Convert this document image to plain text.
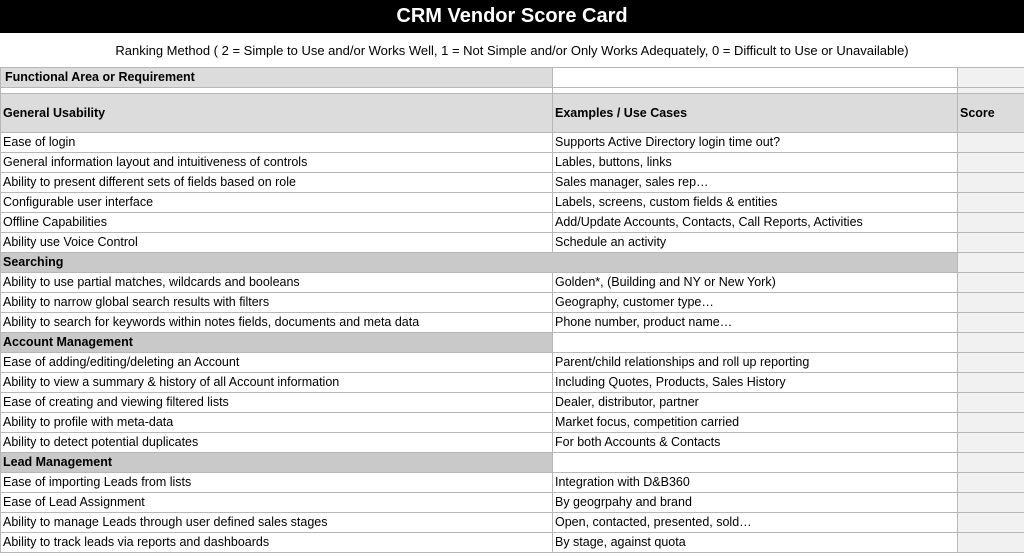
CRM Vendor Score Card
Ranking Method ( 2 = Simple to Use and/or Works Well, 1 = Not Simple and/or Only Works Adequately, 0 = Difficult to Use or Unavailable)
Functional Area or Requirement		

General Usability	Examples / Use Cases	Score
Ease of login	Supports Active Directory login time out?	
General information layout and intuitiveness of controls	Lables, buttons, links	
Ability to present different sets of fields based on role	Sales manager, sales rep…	
Configurable user interface	Labels, screens, custom fields & entities	
Offline Capabilities	Add/Update Accounts, Contacts, Call Reports, Activities	
Ability use Voice Control	Schedule an activity	
Searching		
Ability to use partial matches, wildcards and booleans	Golden*, (Building and NY or New York)	
Ability to narrow global search results with filters	Geography, customer type…	
Ability to search for keywords within notes fields, documents and meta data	Phone number, product name…	
Account Management		
Ease of adding/editing/deleting an Account	Parent/child relationships and roll up reporting	
Ability to view a summary & history of all Account information	Including Quotes, Products, Sales History	
Ease of creating and viewing filtered lists	Dealer, distributor, partner	
Ability to profile with meta-data	Market focus, competition carried	
Ability to detect potential duplicates	For both Accounts & Contacts	
Lead Management		
Ease of importing Leads from lists	Integration with D&B360	
Ease of Lead Assignment	By geogrpahy and brand	
Ability to manage Leads through user defined sales stages	Open, contacted, presented, sold…	
Ability to track leads via reports and dashboards	By stage, against quota	
